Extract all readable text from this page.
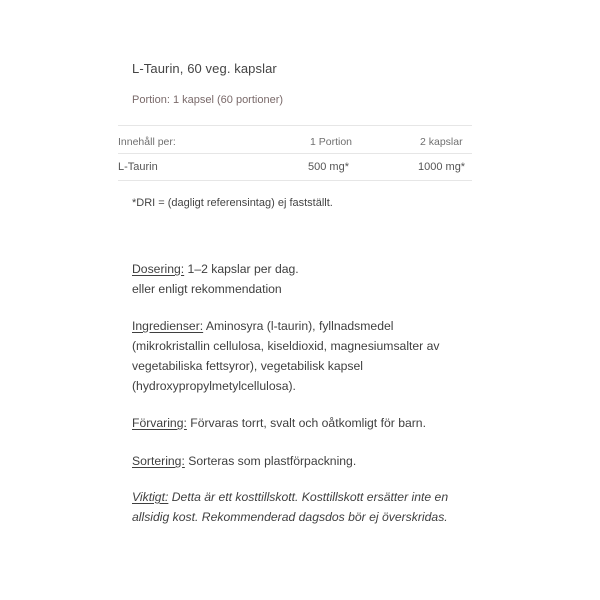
L-Taurin, 60 veg. kapslar
Portion: 1 kapsel (60 portioner)
Innehåll per:	1 Portion	2 kapslar
L-Taurin	500 mg*	1000 mg*
*DRI = (dagligt referensintag) ej fastställt.
Dosering: 1–2 kapslar per dag.
eller enligt rekommendation
Ingredienser: Aminosyra (l-taurin), fyllnadsmedel
(mikrokristallin cellulosa, kiseldioxid, magnesiumsalter av
vegetabiliska fettsyror), vegetabilisk kapsel
(hydroxypropylmetylcellulosa).
Förvaring: Förvaras torrt, svalt och oåtkomligt för barn.
Sortering: Sorteras som plastförpackning.
Viktigt: Detta är ett kosttillskott. Kosttillskott ersätter inte en
allsidig kost. Rekommenderad dagsdos bör ej överskridas.
